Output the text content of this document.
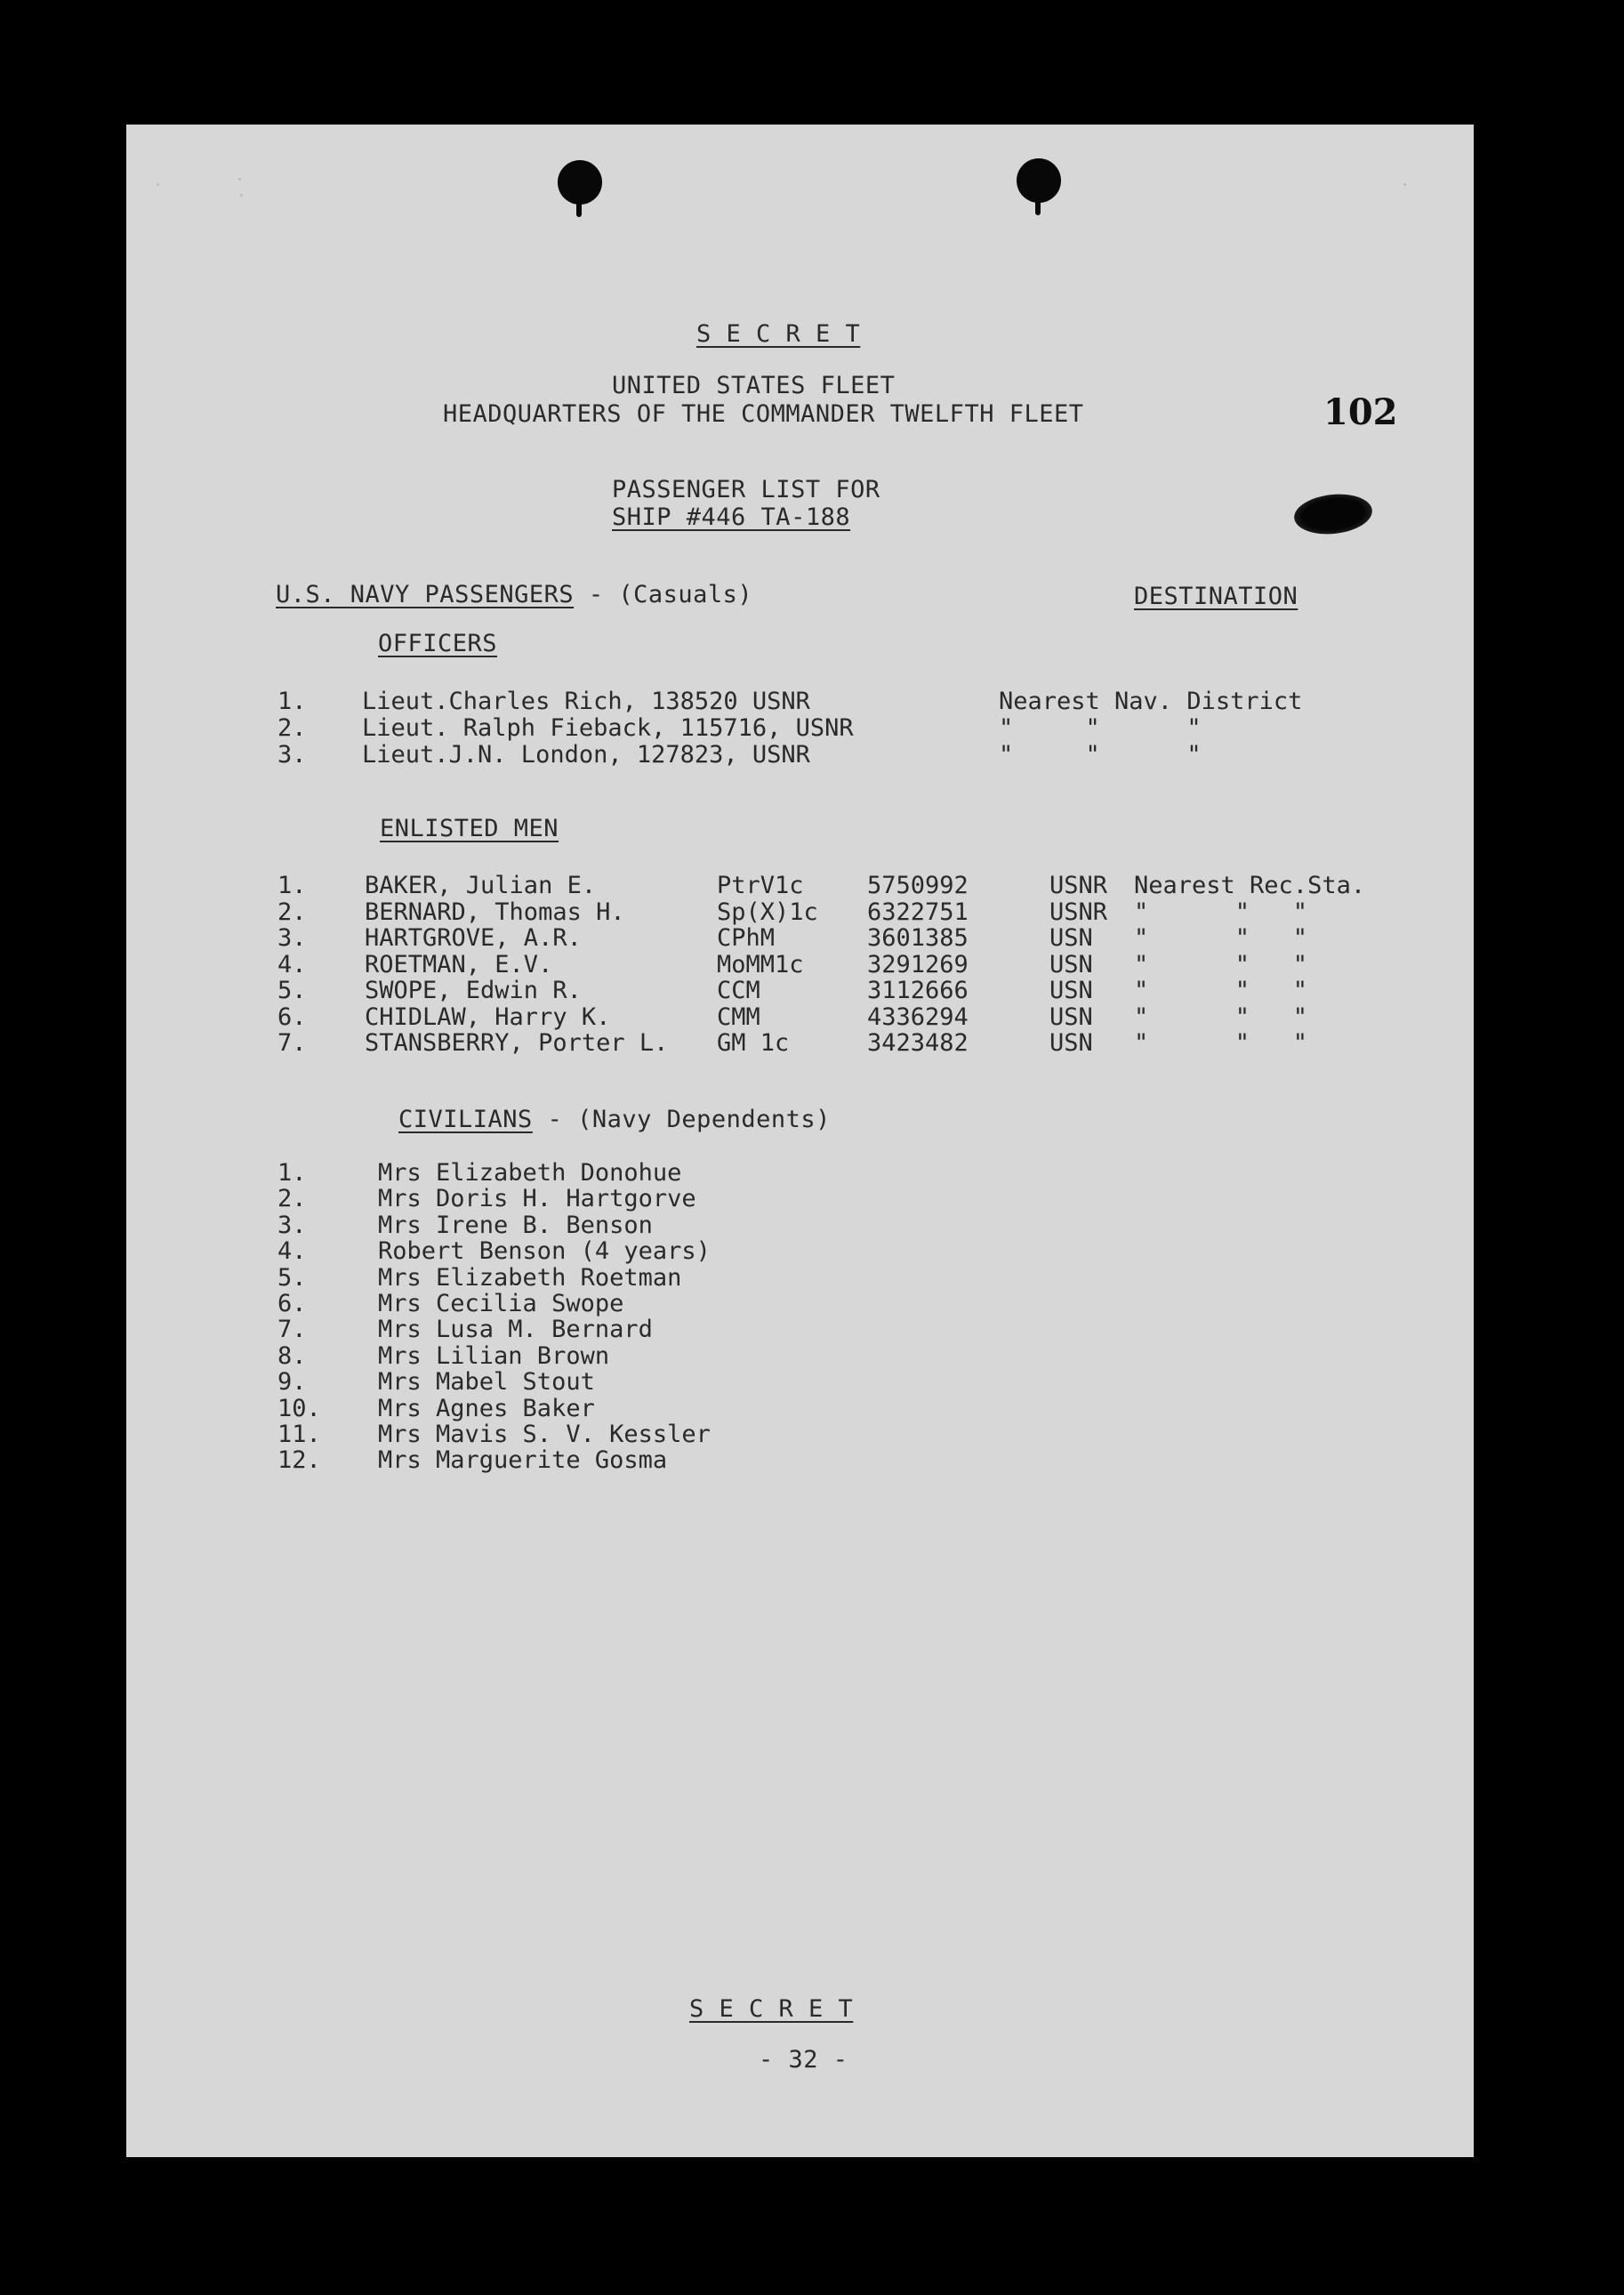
S E C R E T
UNITED STATES FLEET
HEADQUARTERS OF THE COMMANDER TWELFTH FLEET	102
PASSENGER LIST FOR
SHIP #446 TA-188
U.S. NAVY PASSENGERS - (Casuals)	DESTINATION
OFFICERS
1. Lieut.Charles Rich, 138520 USNR	Nearest Nav. District
2. Lieut. Ralph Fieback, 115716, USNR	"     "      "
3. Lieut.J.N. London, 127823, USNR	"     "      "
ENLISTED MEN
1. BAKER, Julian E.	PtrV1c	5750992	USNR Nearest Rec.Sta.
2. BERNARD, Thomas H.	Sp(X)1c 6322751	USNR "      "   "
3. HARTGROVE, A.R.	CPhM	3601385	USN "      "   "
4. ROETMAN, E.V.	MoMM1c	3291269	USN "      "   "
5. SWOPE, Edwin R.	CCM	3112666	USN "      "   "
6. CHIDLAW, Harry K.	CMM	4336294	USN "      "   "
7. STANSBERRY, Porter L. GM 1c	3423482	USN "      "   "
CIVILIANS - (Navy Dependents)
1.	Mrs Elizabeth Donohue
2.	Mrs Doris H. Hartgorve
3.	Mrs Irene B. Benson
4.	Robert Benson (4 years)
5.	Mrs Elizabeth Roetman
6.	Mrs Cecilia Swope
7.	Mrs Lusa M. Bernard
8.	Mrs Lilian Brown
9.	Mrs Mabel Stout
10. Mrs Agnes Baker
11. Mrs Mavis S. V. Kessler
12. Mrs Marguerite Gosma
S E C R E T
- 32 -
